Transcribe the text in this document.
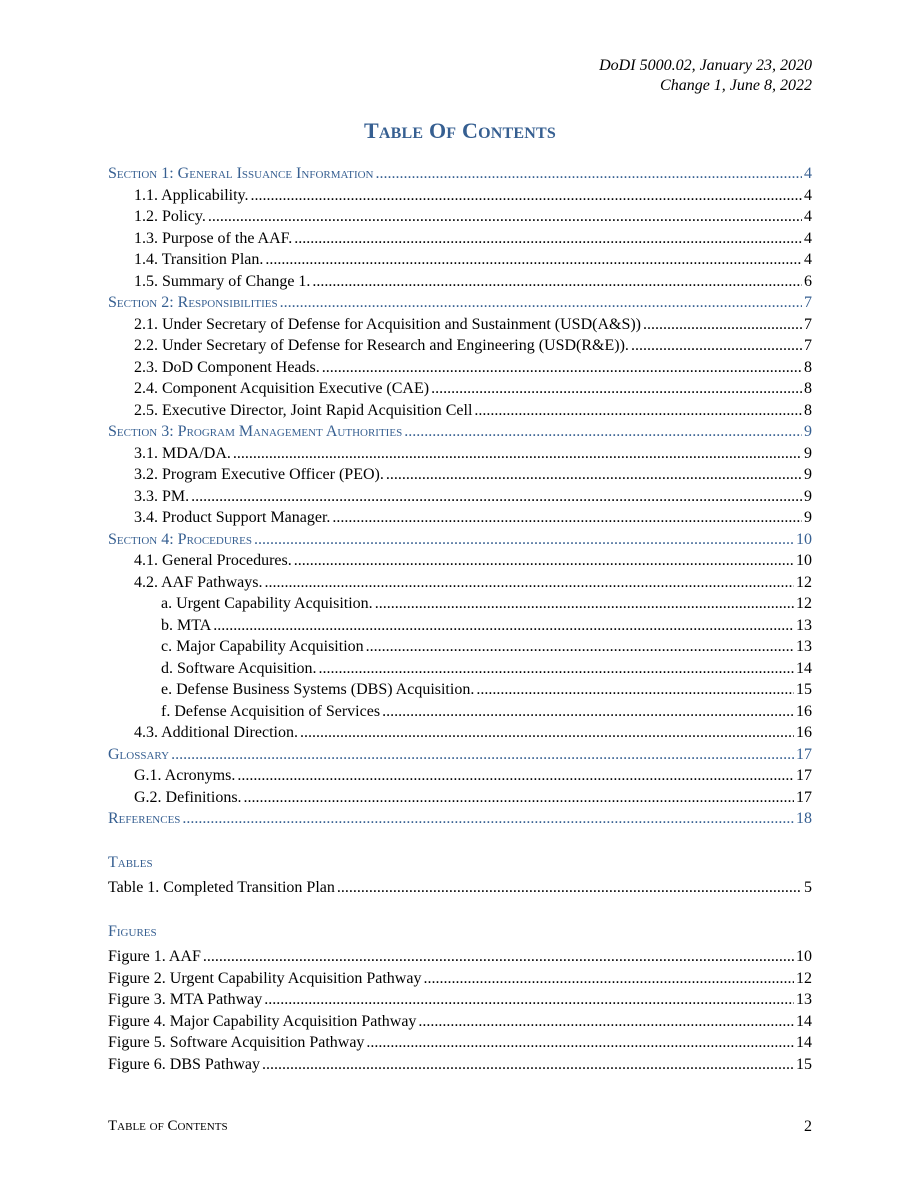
DoDI 5000.02, January 23, 2020
Change 1, June 8, 2022
TABLE OF CONTENTS
Section 1: General Issuance Information .....	4
1.1. Applicability. .....	4
1.2. Policy. .....	4
1.3. Purpose of the AAF. .....	4
1.4. Transition Plan. .....	4
1.5. Summary of Change 1. .....	6
Section 2: Responsibilities .....	7
2.1. Under Secretary of Defense for Acquisition and Sustainment (USD(A&S)) .....	7
2.2. Under Secretary of Defense for Research and Engineering (USD(R&E)). .....	7
2.3. DoD Component Heads. .....	8
2.4. Component Acquisition Executive (CAE) .....	8
2.5. Executive Director, Joint Rapid Acquisition Cell .....	8
Section 3: Program Management Authorities .....	9
3.1. MDA/DA. .....	9
3.2. Program Executive Officer (PEO). .....	9
3.3. PM. .....	9
3.4. Product Support Manager. .....	9
Section 4: Procedures .....	10
4.1. General Procedures. .....	10
4.2. AAF Pathways. .....	12
a. Urgent Capability Acquisition. .....	12
b. MTA .....	13
c. Major Capability Acquisition .....	13
d. Software Acquisition. .....	14
e. Defense Business Systems (DBS) Acquisition. .....	15
f. Defense Acquisition of Services .....	16
4.3. Additional Direction. .....	16
Glossary .....	17
G.1. Acronyms. .....	17
G.2. Definitions. .....	17
References .....	18
Tables
Table 1. Completed Transition Plan .....	5
Figures
Figure 1. AAF .....	10
Figure 2. Urgent Capability Acquisition Pathway .....	12
Figure 3. MTA Pathway .....	13
Figure 4. Major Capability Acquisition Pathway .....	14
Figure 5. Software Acquisition Pathway .....	14
Figure 6. DBS Pathway .....	15
Table of Contents	2
